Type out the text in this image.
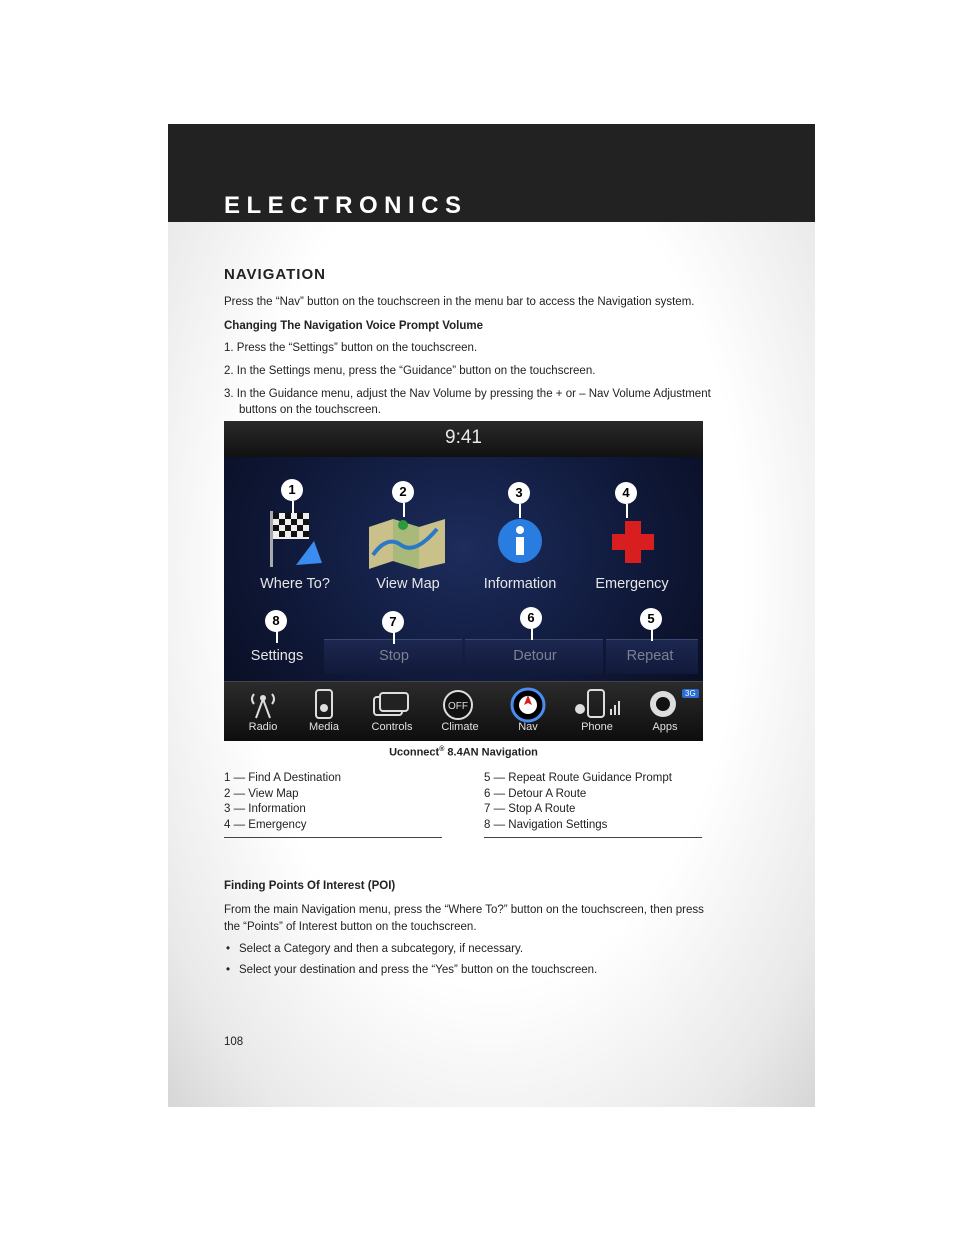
ELECTRONICS
NAVIGATION
Press the “Nav” button on the touchscreen in the menu bar to access the Navigation system.
Changing The Navigation Voice Prompt Volume
1. Press the “Settings” button on the touchscreen.
2. In the Settings menu, press the “Guidance” button on the touchscreen.
3. In the Guidance menu, adjust the Nav Volume by pressing the + or – Nav Volume Adjustment
buttons on the touchscreen.
9:41
1	2	3	4
Where To?	View Map	Information	Emergency
8	7	6	5
Settings	Stop	Detour	Repeat
OFF
3G
Radio	Media	Controls	Climate	Nav	Phone	Apps
Uconnect® 8.4AN Navigation
1 — Find A Destination
2 — View Map
3 — Information
4 — Emergency
5 — Repeat Route Guidance Prompt
6 — Detour A Route
7 — Stop A Route
8 — Navigation Settings
Finding Points Of Interest (POI)
From the main Navigation menu, press the “Where To?” button on the touchscreen, then press
the “Points” of Interest button on the touchscreen.
• Select a Category and then a subcategory, if necessary.
• Select your destination and press the “Yes” button on the touchscreen.
108
